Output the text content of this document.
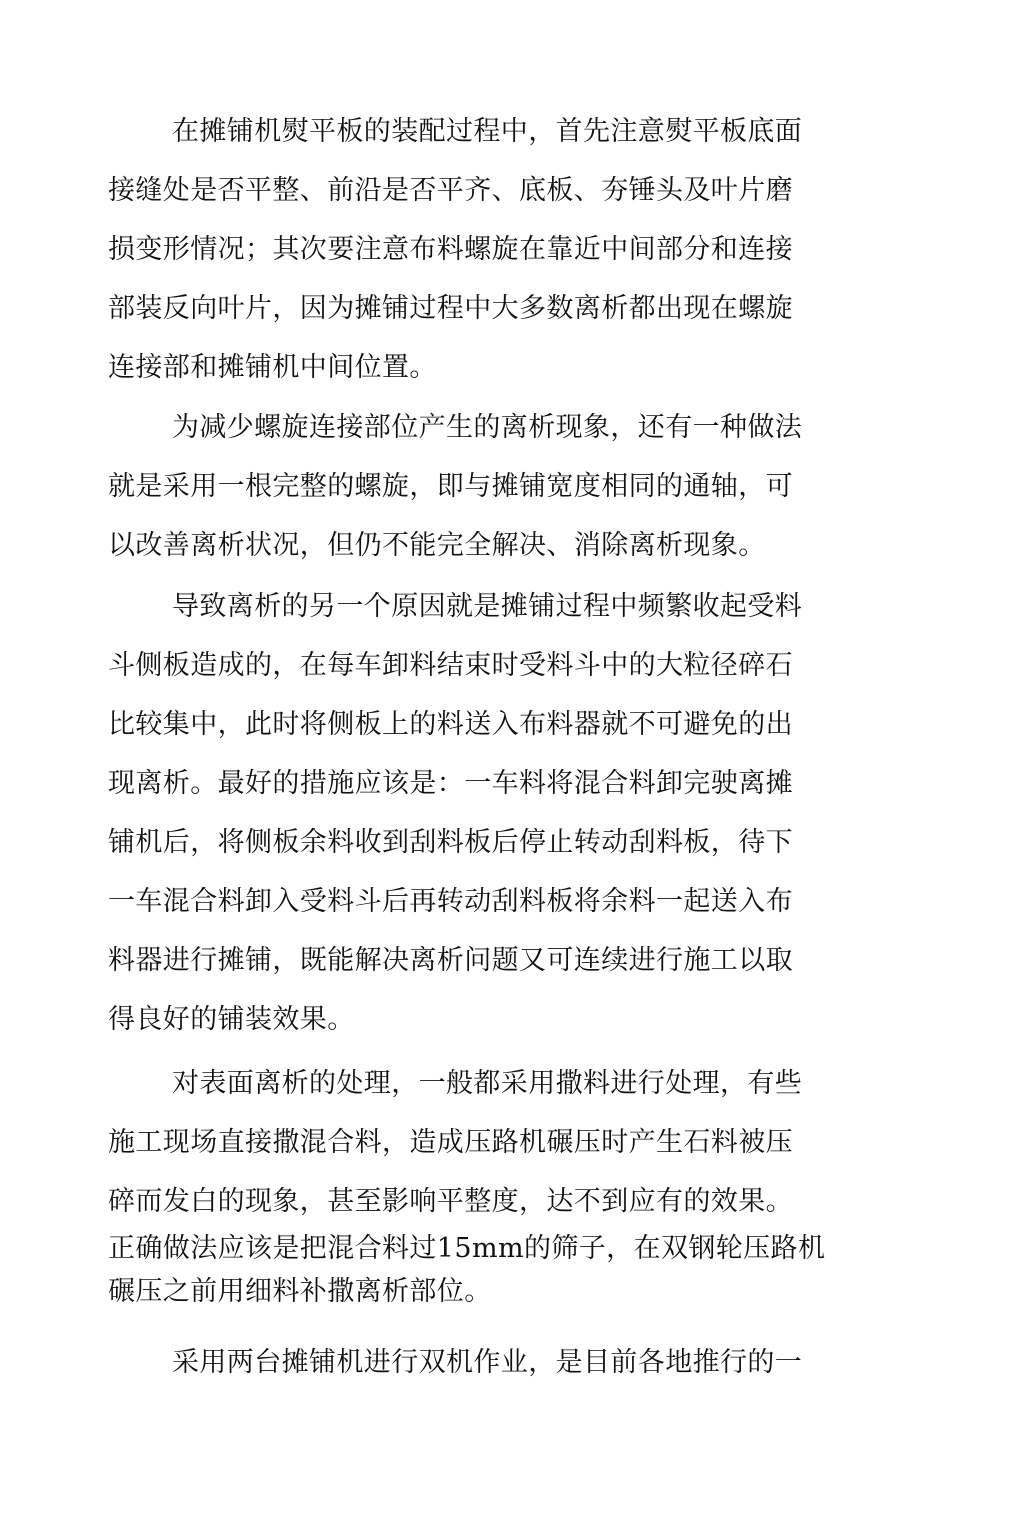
在摊铺机熨平板的装配过程中，首先注意熨平板底面
接缝处是否平整、前沿是否平齐、底板、夯锤头及叶片磨
损变形情况；其次要注意布料螺旋在靠近中间部分和连接
部装反向叶片，因为摊铺过程中大多数离析都出现在螺旋
连接部和摊铺机中间位置。
为减少螺旋连接部位产生的离析现象，还有一种做法
就是采用一根完整的螺旋，即与摊铺宽度相同的通轴，可
以改善离析状况，但仍不能完全解决、消除离析现象。
导致离析的另一个原因就是摊铺过程中频繁收起受料
斗侧板造成的，在每车卸料结束时受料斗中的大粒径碎石
比较集中，此时将侧板上的料送入布料器就不可避免的出
现离析。最好的措施应该是：一车料将混合料卸完驶离摊
铺机后，将侧板余料收到刮料板后停止转动刮料板，待下
一车混合料卸入受料斗后再转动刮料板将余料一起送入布
料器进行摊铺，既能解决离析问题又可连续进行施工以取
得良好的铺装效果。
对表面离析的处理，一般都采用撒料进行处理，有些
施工现场直接撒混合料，造成压路机碾压时产生石料被压
碎而发白的现象，甚至影响平整度，达不到应有的效果。
正确做法应该是把混合料过15mm的筛子，在双钢轮压路机
碾压之前用细料补撒离析部位。
采用两台摊铺机进行双机作业，是目前各地推行的一
